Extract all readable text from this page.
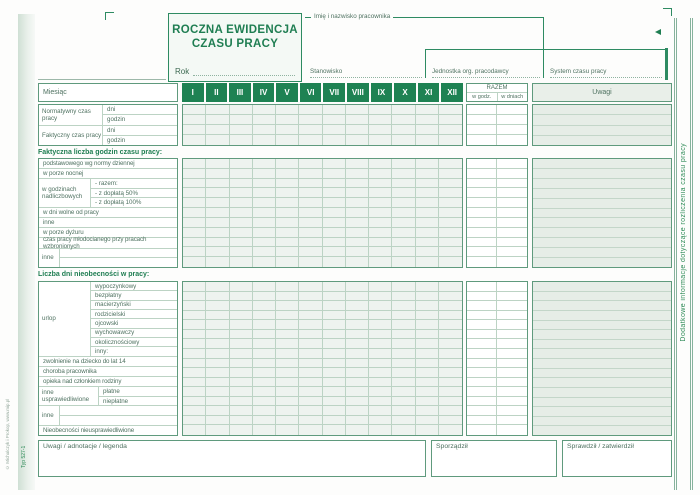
© Michalczyk i Prokop, www.mip.pl Typ 527-1
ROCZNA EWIDENCJA
CZASU PRACY
Rok
Imię i nazwisko pracownika
Stanowisko	Jednostka org. pracodawcy	System czasu pracy
Miesiąc	I	II	III	IV	V	VI	VII	VIII	IX	X	XI	XII	RAZEM
w godz.	w dniach
Uwagi
Normatywny czas pracy
dni
godzin
Faktyczny czas pracy
dni
godzin
Faktyczna liczba godzin czasu pracy:
podstawowego wg normy dziennej
w porze nocnej
w godzinach nadliczbowych
- razem:
- z dopłatą 50%
- z dopłatą 100%
w dni wolne od pracy
inne
w porze dyżuru
czas pracy młodocianego przy pracach wzbronionych
inne
Liczba dni nieobecności w pracy:
urlop
wypoczynkowy
bezpłatny
macierzyński
rodzicielski
ojcowski
wychowawczy
okolicznościowy
inny:
zwolnienie na dziecko do lat 14
choroba pracownika
opieka nad członkiem rodziny
inne usprawiedliwione
płatne
niepłatne
inne
Nieobecności nieusprawiedliwione
Uwagi / adnotacje / legenda	Sporządził	Sprawdził / zatwierdził
Dodatkowe informacje dotyczące rozliczenia czasu pracy
